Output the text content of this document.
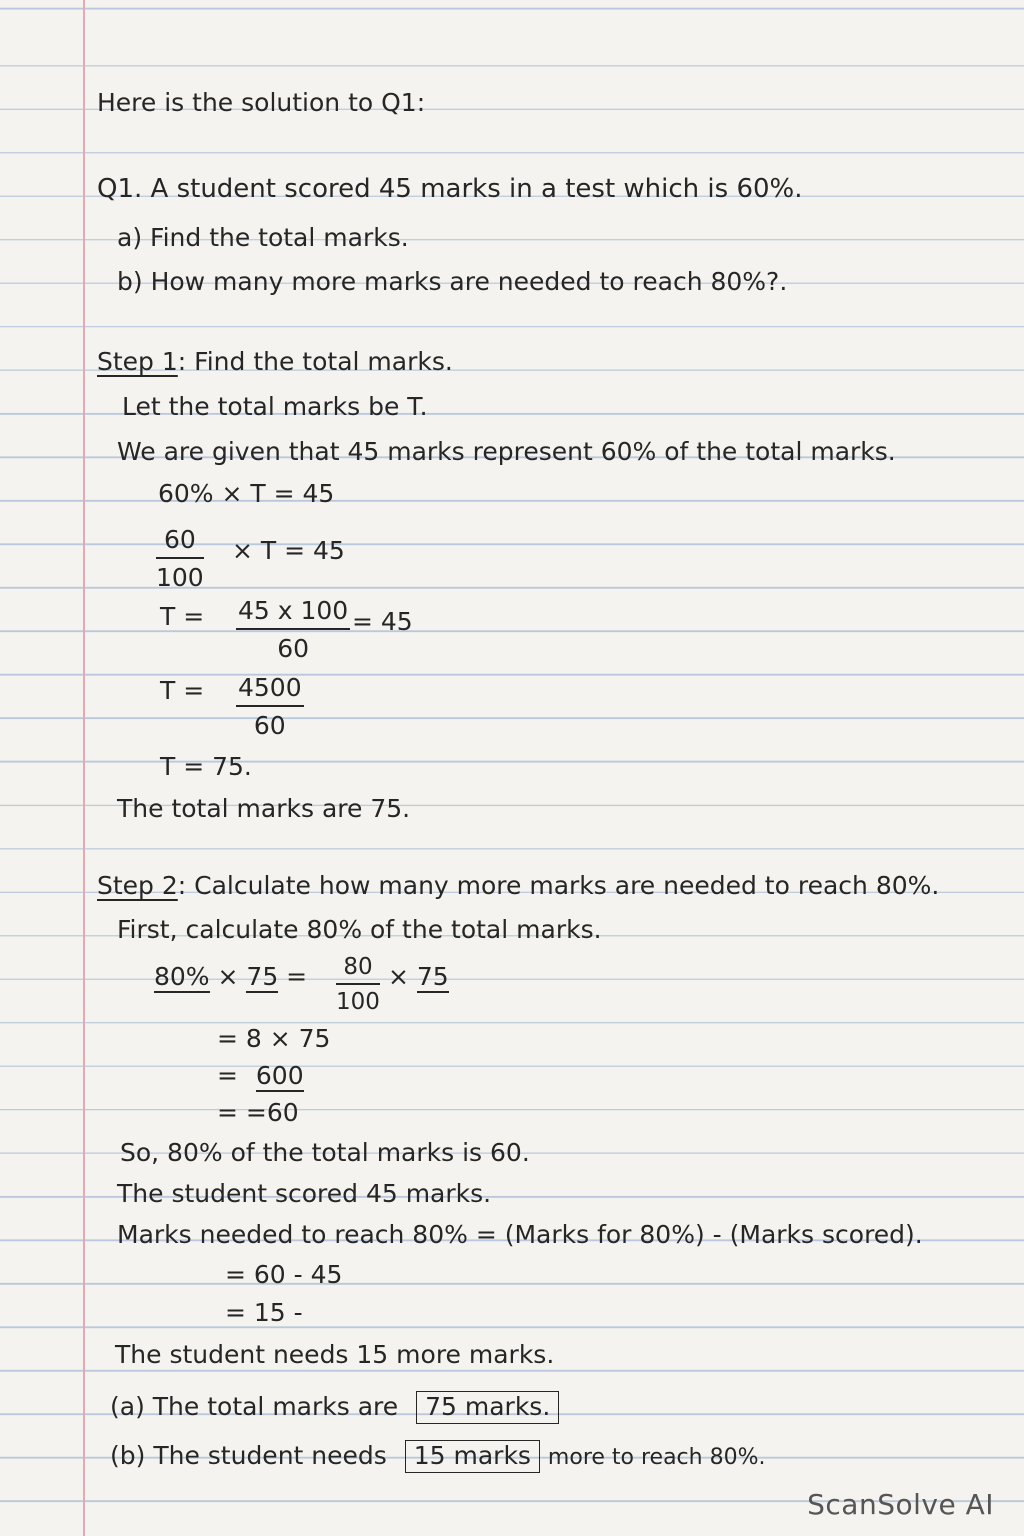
Here is the solution to Q1:
Q1. A student scored 45 marks in a test which is 60%.
a) Find the total marks.
b) How many more marks are needed to reach 80%?.
Step 1: Find the total marks.
Let the total marks be T.
We are given that 45 marks represent 60% of the total marks.
60% × T = 45
$\frac{60}{100} \times T = 45$
$T = \frac{45 x 100}{60} = 45$
$T = \frac{4500}{60}$
T = 75.
The total marks are 75.
Step 2: Calculate how many more marks are needed to reach 80%.
First, calculate 80% of the total marks.
$80\% \times 75 = \frac{80}{100} \times 75$
= 8 × 75
= 600
= =60
So, 80% of the total marks is 60.
The student scored 45 marks.
Marks needed to reach 80% = (Marks for 80%) - (Marks scored).
= 60 - 45
= 15 -
The student needs 15 more marks.
(a) The total marks are 75 marks.
(b) The student needs 15 marks more to reach 80%.
ScanSolve AI
